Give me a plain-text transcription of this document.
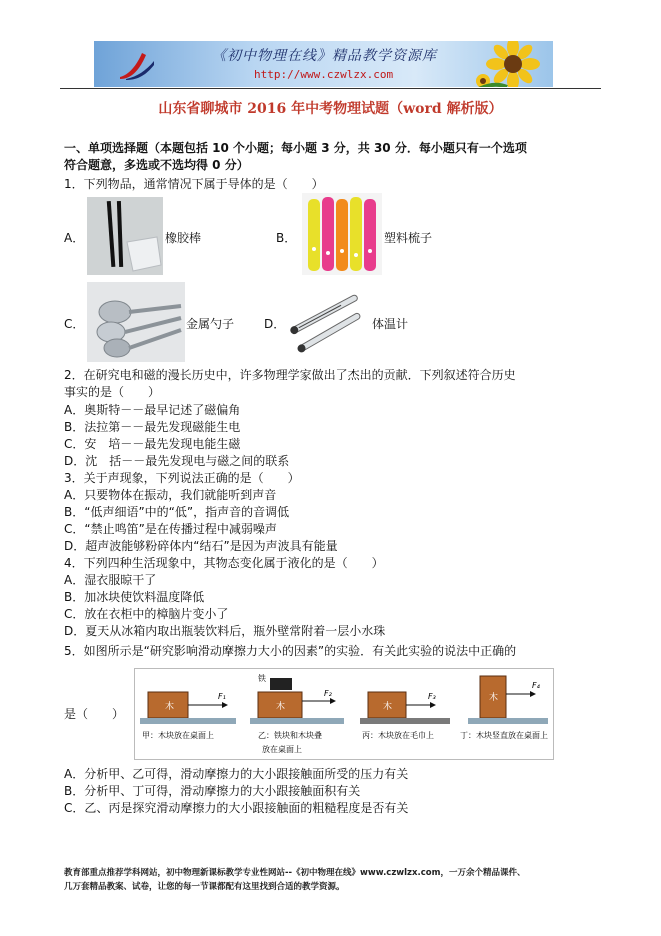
《初中物理在线》精品教学资源库
http://www.czwlzx.com
山东省聊城市 2016 年中考物理试题（word 解析版）
一、单项选择题（本题包括 10 个小题；每小题 3 分，共 30 分．每小题只有一个选项
符合题意，多选或不选均得 0 分）
1．下列物品，通常情况下属于导体的是（　　）
A．	橡胶棒	B．	塑料梳子
C．	金属勺子 D．	体温计
2．在研究电和磁的漫长历史中，许多物理学家做出了杰出的贡献．下列叙述符合历史
事实的是（　　）
A．奥斯特－－最早记述了磁偏角
B．法拉第－－最先发现磁能生电
C．安　培－－最先发现电能生磁
D．沈　括－－最先发现电与磁之间的联系
3．关于声现象，下列说法正确的是（　　）
A．只要物体在振动，我们就能听到声音
B．“低声细语”中的“低”，指声音的音调低
C．“禁止鸣笛”是在传播过程中减弱噪声
D．超声波能够粉碎体内“结石”是因为声波具有能量
4．下列四种生活现象中，其物态变化属于液化的是（　　）
A．湿衣服晾干了
B．加冰块使饮料温度降低
C．放在衣柜中的樟脑片变小了
D．夏天从冰箱内取出瓶装饮料后，瓶外壁常附着一层小水珠
5．如图所示是“研究影响滑动摩擦力大小的因素”的实验．有关此实验的说法中正确的
是（　　）	木
F₁
甲：木块放在桌面上
铁
木
F₂
乙：铁块和木块叠
放在桌面上
木
F₃
丙：木块放在毛巾上
木
F₄
丁：木块竖直放在桌面上
A．分析甲、乙可得，滑动摩擦力的大小跟接触面所受的压力有关
B．分析甲、丁可得，滑动摩擦力的大小跟接触面积有关
C．乙、丙是探究滑动摩擦力的大小跟接触面的粗糙程度是否有关
教育部重点推荐学科网站，初中物理新课标教学专业性网站--《初中物理在线》www.czwlzx.com，一万余个精品课件、
几万套精品教案、试卷，让您的每一节课都配有这里找到合适的教学资源。
